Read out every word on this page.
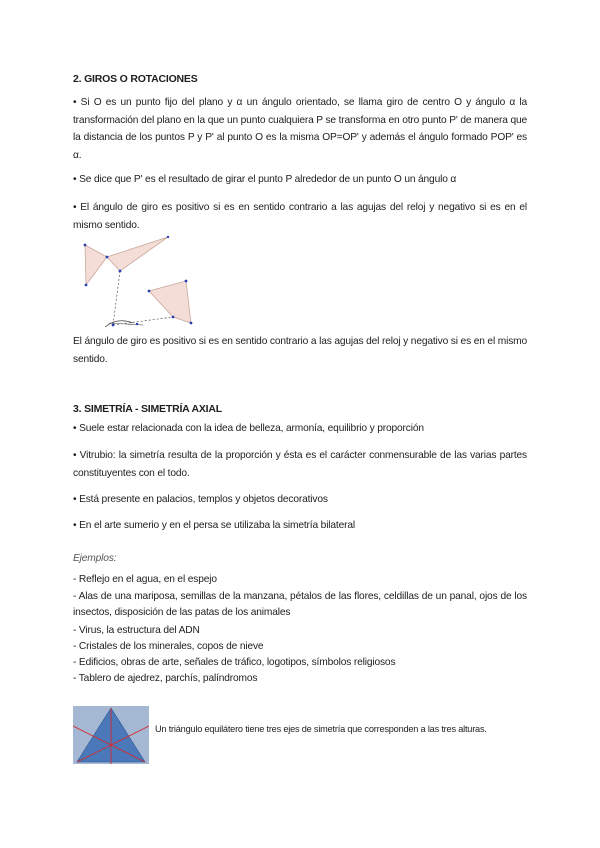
2. GIROS O ROTACIONES
• Si O es un punto fijo del plano y α un ángulo orientado, se llama giro de centro O y ángulo α la transformación del plano en la que un punto cualquiera P se transforma en otro punto P' de manera que la distancia de los puntos P y P' al punto O es la misma OP=OP' y además el ángulo formado POP' es α.
• Se dice que P' es el resultado de girar el punto P alrededor de un punto O un ángulo α
• El ángulo de giro es positivo si es en sentido contrario a las agujas del reloj y negativo si es en el mismo sentido.
El ángulo de giro es positivo si es en sentido contrario a las agujas del reloj y negativo si es en el mismo sentido.
3. SIMETRÍA - SIMETRÍA AXIAL
• Suele estar relacionada con la idea de belleza, armonía, equilibrio y proporción
• Vitrubio: la simetría resulta de la proporción y ésta es el carácter conmensurable de las varias partes constituyentes con el todo.
• Está presente en palacios, templos y objetos decorativos
• En el arte sumerio y en el persa se utilizaba la simetría bilateral
Ejemplos:
- Reflejo en el agua, en el espejo
- Alas de una mariposa, semillas de la manzana, pétalos de las flores, celdillas de un panal, ojos de los insectos, disposición de las patas de los animales
- Virus, la estructura del ADN
- Cristales de los minerales, copos de nieve
- Edificios, obras de arte, señales de tráfico, logotipos, símbolos religiosos
- Tablero de ajedrez, parchís, palíndromos
Un triángulo equilátero tiene tres ejes de simetría que corresponden a las tres alturas.
